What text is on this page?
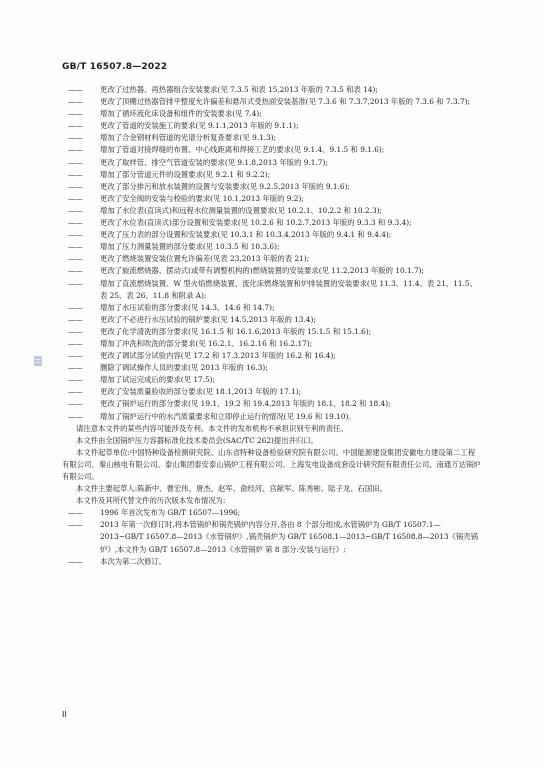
GB/T 16507.8—2022
——	更改了过热器、再热器组合安装要求(见 7.3.5 和表 15,2013 年版的 7.3.5 和表 14);
——	更改了顶棚过热器管排平整度允许偏差和悬吊式受热面安装基准(见 7.3.6 和 7.3.7,2013 年版的 7.3.6 和 7.3.7);
——	增加了循环流化床设备和组件的安装要求(见 7.4);
——	更改了管道的安装施工的要求(见 9.1.1,2013 年版的 9.1.1);
——	增加了合金钢材料管道的光谱分析复查要求(见 9.1.3);
——	增加了管道对接焊缝的布置、中心线距离和焊接工艺的要求(见 9.1.4、9.1.5 和 9.1.6);
——	更改了取样管、排空气管道安装的要求(见 9.1.8,2013 年版的 9.1.7);
——	增加了部分管道元件的设置要求(见 9.2.1 和 9.2.2);
——	更改了部分排污和放水装置的设置与安装要求(见 9.2.5,2013 年版的 9.1.6);
——	更改了安全阀的安装与校验的要求(见 10.1,2013 年版的 9.2);
——	增加了水位表(直读式)和远程水位测量装置的设置要求(见 10.2.1、10.2.2 和 10.2.3);
——	更改了水位表(直读式)部分设置和安装要求(见 10.2.6 和 10.2.7,2013 年版的 9.3.3 和 9.3.4);
——	更改了压力表的部分设置和安装要求(见 10.3.1 和 10.3.4,2013 年版的 9.4.1 和 9.4.4);
——	增加了压力测量装置的部分要求(见 10.3.5 和 10.3.6);
——	更改了燃烧装置安装位置允许偏差(见表 23,2013 年版的表 21);
——	更改了旋流燃烧器、摆动式(或带有调整机构的)燃烧装置的安装要求(见 11.2,2013 年版的 10.1.7);
——	增加了直流燃烧装置、W 型火焰燃烧装置、流化床燃烧装置和炉排装置的安装要求(见 11.3、11.4、表 21、11.5、表 25、表 26、11.8 和附录 A);
——	增加了水压试验的部分要求(见 14.3、14.6 和 14.7);
——	更改了不必进行水压试验的锅炉要求(见 14.5,2013 年版的 13.4);
——	更改了化学清洗的部分要求(见 16.1.5 和 16.1.6,2013 年版的 15.1.5 和 15.1.6);
——	增加了冲洗和吹洗的部分要求(见 16.2.1、16.2.16 和 16.2.17);
——	更改了调试部分试验内容(见 17.2 和 17.3,2013 年版的 16.2 和 16.4);
——	删除了调试操作人员的要求(见 2013 年版的 16.3);
——	增加了试运完成后的要求(见 17.5);
——	更改了安装质量验收的部分要求(见 18.1,2013 年版的 17.1);
——	更改了锅炉运行的部分要求(见 19.1、19.2 和 19.4,2013 年版的 18.1、18.2 和 18.4);
——	增加了锅炉运行中的水汽质量要求和立即停止运行的情况(见 19.6 和 19.10)。
请注意本文件的某些内容可能涉及专利。本文件的发布机构不承担识别专利的责任。
本文件由全国锅炉压力容器标准化技术委员会(SAC/TC 262)提出并归口。
本文件起草单位:中国特种设备检测研究院、山东省特种设备检验研究院有限公司、中国能源建设集团安徽电力建设第二工程有限公司、秦山核电有限公司、泰山集团泰安泰山锅炉工程有限公司、上海发电设备成套设计研究院有限责任公司、南通万达锅炉有限公司。
本文件主要起草人:陈新中、曹宏伟、唐杰、赵军、俞经河、宫献军、陈秀彬、陆子龙、石国田。
本文件及其所代替文件的历次版本发布情况为:
—— 1996 年首次发布为 GB/T 16507—1996;
—— 2013 年第一次修订时,将本管锅炉和锅壳锅炉内容分开,各由 8 个部分组成,水管锅炉为 GB/T 16507.1—2013~GB/T 16507.8—2013《水管锅炉》,锅壳锅炉为 GB/T 16508.1—2013~GB/T 16508.8—2013《锅壳锅炉》,本文件为 GB/T 16507.8—2013《水管锅炉 第 8 部分:安装与运行》;
—— 本次为第二次修订。
II
